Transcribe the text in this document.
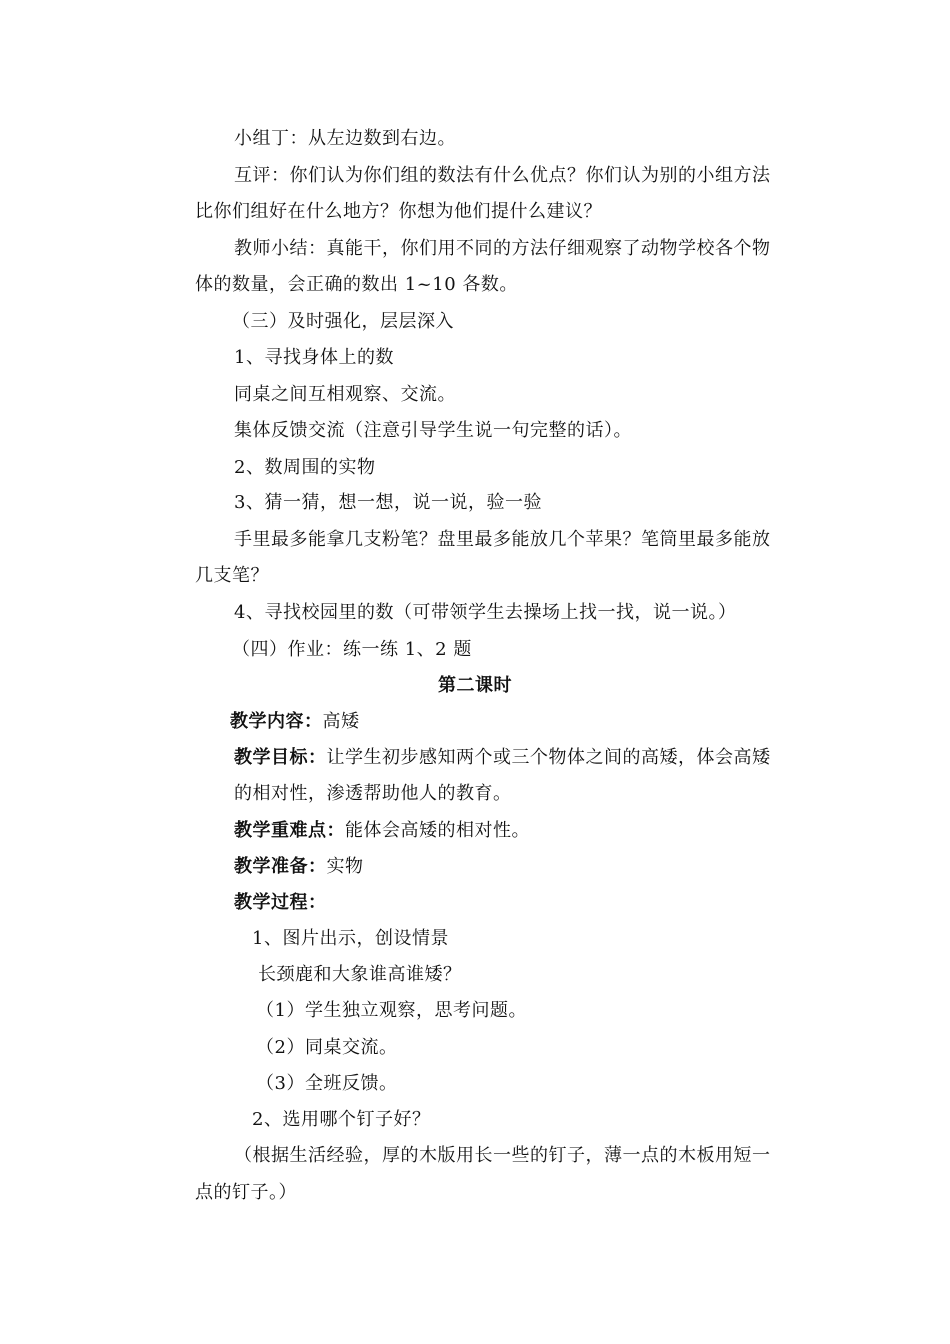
小组丁：从左边数到右边。
互评：你们认为你们组的数法有什么优点？你们认为别的小组方法
比你们组好在什么地方？你想为他们提什么建议？
教师小结：真能干，你们用不同的方法仔细观察了动物学校各个物
体的数量，会正确的数出 1~10 各数。
（三）及时强化，层层深入
1、寻找身体上的数
同桌之间互相观察、交流。
集体反馈交流（注意引导学生说一句完整的话）。
2、数周围的实物
3、猜一猜，想一想，说一说，验一验
手里最多能拿几支粉笔？盘里最多能放几个苹果？笔筒里最多能放
几支笔？
4、寻找校园里的数（可带领学生去操场上找一找，说一说。）
（四）作业：练一练 1、2 题
第二课时
教学内容：高矮
教学目标：让学生初步感知两个或三个物体之间的高矮，体会高矮
的相对性，渗透帮助他人的教育。
教学重难点：能体会高矮的相对性。
教学准备：实物
教学过程：
1、图片出示，创设情景
长颈鹿和大象谁高谁矮？
（1）学生独立观察，思考问题。
（2）同桌交流。
（3）全班反馈。
2、选用哪个钉子好？
（根据生活经验，厚的木版用长一些的钉子，薄一点的木板用短一
点的钉子。）
